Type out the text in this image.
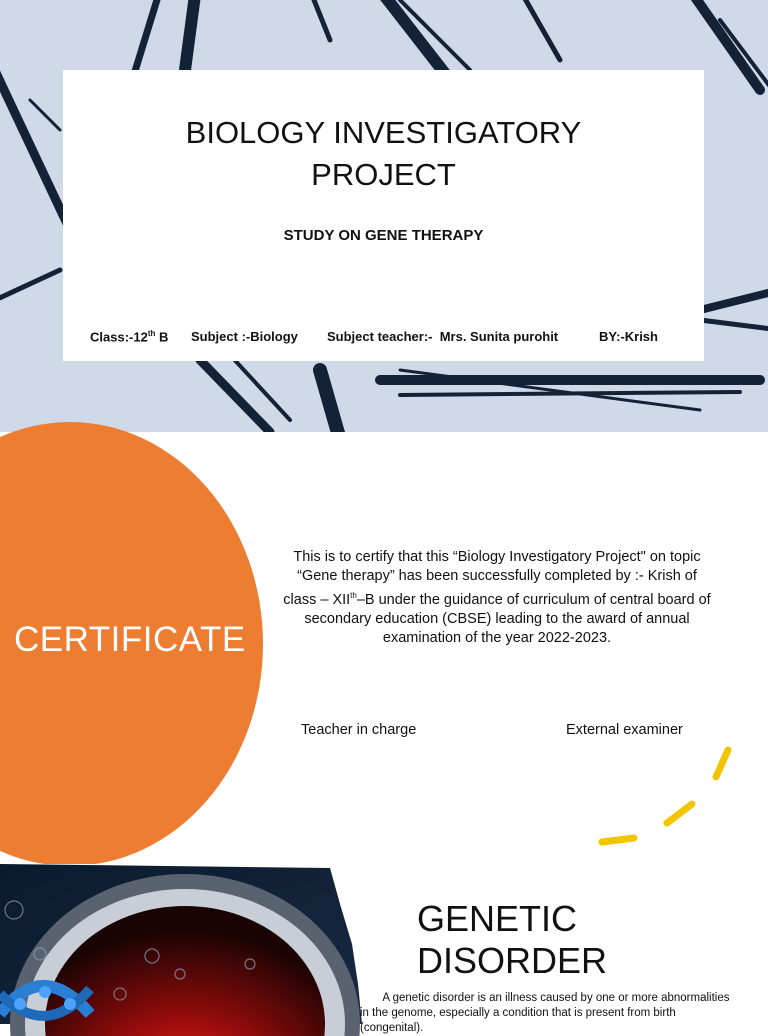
BIOLOGY INVESTIGATORY
PROJECT
STUDY ON GENE THERAPY
Class:-12th B Subject :-Biology Subject teacher:-  Mrs. Sunita purohit	BY:-Krish
CERTIFICATE
This is to certify that this “Biology Investigatory Project" on topic “Gene therapy” has been successfully completed by :- Krish of class – XIIth–B under the guidance of curriculum of central board of secondary education (CBSE) leading to the award of annual examination of the year 2022-2023.
Teacher in charge	External examiner
GENETIC
DISORDER
A genetic disorder is an illness caused by one or more abnormalities in the genome, especially a condition that is present from birth (congenital).
